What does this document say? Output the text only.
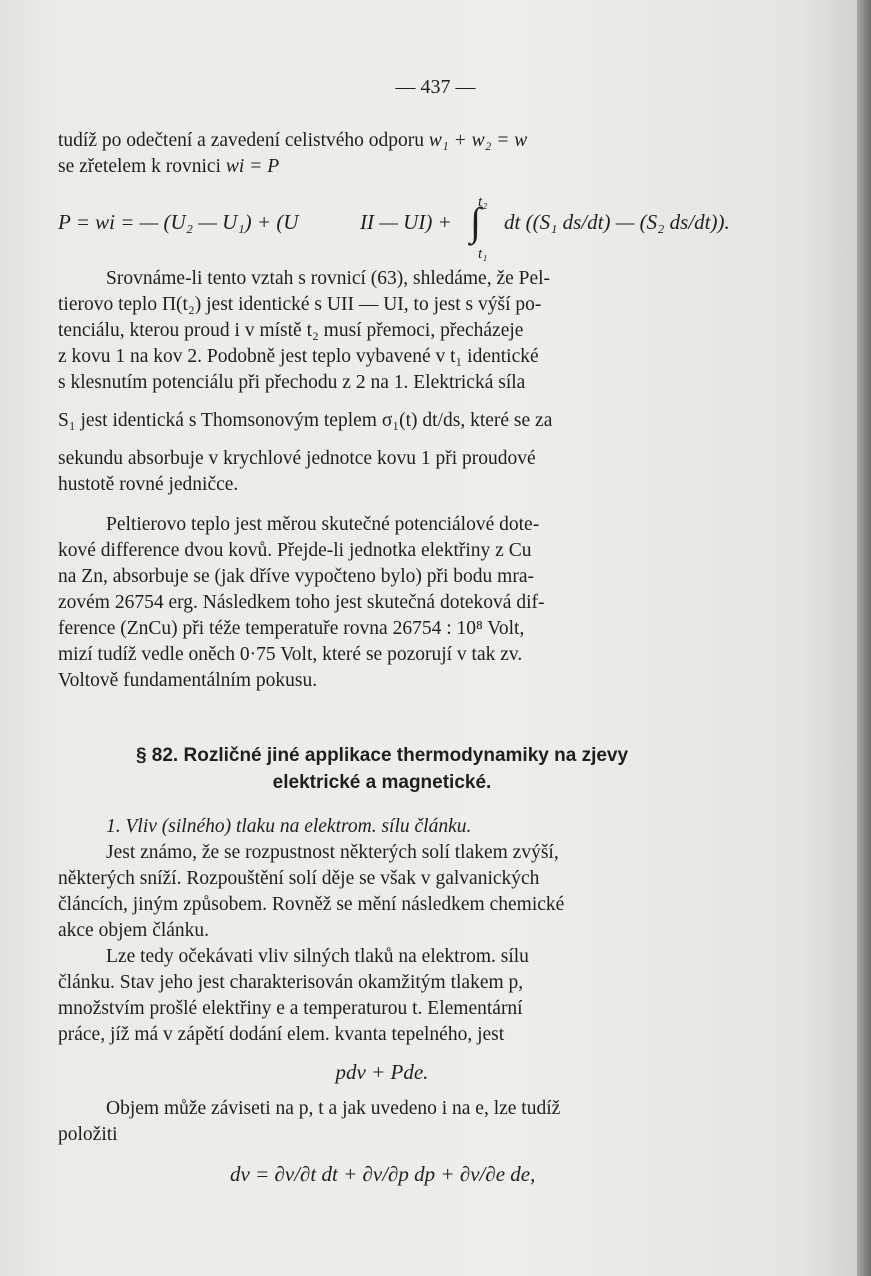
— 437 —
tudíž po odečtení a zavedení celistvého odporu w₁ + w₂ = w
se zřetelem k rovnici wi = P
P = wi = — (U₂ — U₁) + (U	II — UI) +
t₂
∫
t₁
dt ((S₁ ds/dt) — (S₂ ds/dt)).
Srovnáme-li tento vztah s rovnicí (63), shledáme, že Pel-
tierovo teplo Π(t₂) jest identické s UII — UI, to jest s výší po-
tenciálu, kterou proud i v místě t₂ musí přemoci, přecházeje
z kovu 1 na kov 2. Podobně jest teplo vybavené v t₁ identické
s klesnutím potenciálu při přechodu z 2 na 1. Elektrická síla
S₁ jest identická s Thomsonovým teplem σ₁(t) dt/ds, které se za
sekundu absorbuje v krychlové jednotce kovu 1 při proudové
hustotě rovné jedničce.
Peltierovo teplo jest měrou skutečné potenciálové dote-
kové difference dvou kovů. Přejde-li jednotka elektřiny z Cu
na Zn, absorbuje se (jak dříve vypočteno bylo) při bodu mra-
zovém 26754 erg. Následkem toho jest skutečná doteková dif-
ference (ZnCu) při téže temperatuře rovna 26754 : 10⁸ Volt,
mizí tudíž vedle oněch 0·75 Volt, které se pozorují v tak zv.
Voltově fundamentálním pokusu.
§ 82. Rozličné jiné applikace thermodynamiky na zjevy
elektrické a magnetické.
1. Vliv (silného) tlaku na elektrom. sílu článku.
Jest známo, že se rozpustnost některých solí tlakem zvýší,
některých sníží. Rozpouštění solí děje se však v galvanických
článcích, jiným způsobem. Rovněž se mění následkem chemické
akce objem článku.
Lze tedy očekávati vliv silných tlaků na elektrom. sílu
článku. Stav jeho jest charakterisován okamžitým tlakem p,
množstvím prošlé elektřiny e a temperaturou t. Elementární
práce, jíž má v zápětí dodání elem. kvanta tepelného, jest
pdv + Pde.
Objem může záviseti na p, t a jak uvedeno i na e, lze tudíž
položiti
dv = ∂v/∂t dt + ∂v/∂p dp + ∂v/∂e de,
